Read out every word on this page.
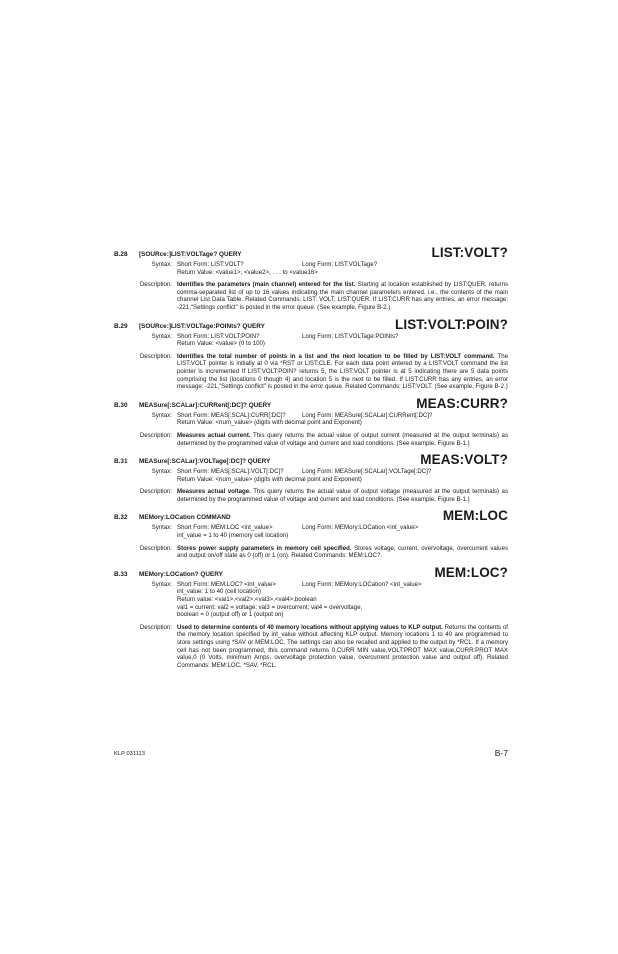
B.28 [SOURce:]LIST:VOLTage? QUERY	LIST:VOLT?
Syntax: Short Form: LIST:VOLT?	Long Form: LIST:VOLTage?
Return Value: <value1>, <value2>, . . . to <value16>
Description: Identifies the parameters (main channel) entered for the list. Starting at location established by LIST:QUER, returns comma-separated list of up to 16 values indicating the main channel parameters entered. i.e., the contents of the main channel List Data Table. Related Commands: LIST: VOLT, LIST:QUER. If LIST:CURR has any entries, an error message: -221,"Settings conflict" is posted in the error queue. (See example, Figure B-2.)
B.29 [SOURce:]LIST:VOLTage:POINts? QUERY	LIST:VOLT:POIN?
Syntax: Short Form: LIST:VOLT:POIN?	Long Form: LIST:VOLTage:POINts?
Return Value: <value> (0 to 100)
Description: Identifies the total number of points in a list and the next location to be filled by LIST:VOLT command. The LIST:VOLT pointer is initially at 0 via *RST or LIST:CLE. For each data point entered by a LIST:VOLT command the list pointer is incremented If LIST:VOLT:POIN? returns 5, the LIST:VOLT pointer is at 5 indicating there are 5 data points comprising the list (locations 0 though 4) and location 5 is the next to be filled. If LIST:CURR has any entries, an error message: -221,"Settings conflict" is posted in the error queue. Related Commands: LIST:VOLT. (See example, Figure B-2.)
B.30 MEASure[:SCALar]:CURRent[:DC]? QUERY	MEAS:CURR?
Syntax: Short Form: MEAS[:SCAL]:CURR[:DC]?	Long Form: MEASure[:SCALar]:CURRent[:DC]?
Return Value: <num_value> (digits with decimal point and Exponent)
Description: Measures actual current. This query returns the actual value of output current (measured at the output terminals) as determined by the programmed value of voltage and current and load conditions. (See example, Figure B-1.)
B.31 MEASure[:SCALar]:VOLTage[:DC]? QUERY	MEAS:VOLT?
Syntax: Short Form: MEAS[:SCAL]:VOLT[:DC]?	Long Form: MEASure[:SCALar]:VOLTage[:DC]?
Return Value: <num_value> (digits with decimal point and Exponent)
Description: Measures actual voltage. This query returns the actual value of output voltage (measured at the output terminals) as determined by the programmed value of voltage and current and load conditions. (See example, Figure B-1.)
B.32 MEMory:LOCation COMMAND	MEM:LOC
Syntax: Short Form: MEM:LOC <int_value>	Long Form: MEMory:LOCation <int_value>
int_value = 1 to 40 (memory cell location)
Description: Stores power supply parameters in memory cell specified. Stores voltage, current, overvoltage, overcurrent values and output on/off state as 0 (off) or 1 (on). Related Commands: MEM:LOC?.
B.33 MEMory:LOCation? QUERY	MEM:LOC?
Syntax: Short Form: MEM:LOC? <int_value>	Long Form: MEMory:LOCation? <int_value>
int_value: 1 to 40 (cell location)
Return value: <val1>,<val2>,<val3>,<val4>,boolean
val1 = current; val2 = voltage; val3 = overcurrent; val4 = overvoltage,
boolean = 0 (output off) or 1 (output on)
Description: Used to determine contents of 40 memory locations without applying values to KLP output. Returns the contents of the memory location specified by int_value without affecting KLP output. Memory locations 1 to 40 are programmed to store settings using *SAV or MEM:LOC. The settings can also be recalled and applied to the output by *RCL. If a memory cell has not been programmed, this command returns 0,CURR MIN value,VOLT:PROT MAX value,CURR:PROT MAX value,0 (0 Volts, minimum Amps, overvoltage protection value, overcurrent protection value and output off). Related Commands: MEM:LOC, *SAV, *RCL.
KLP 031113	B-7
